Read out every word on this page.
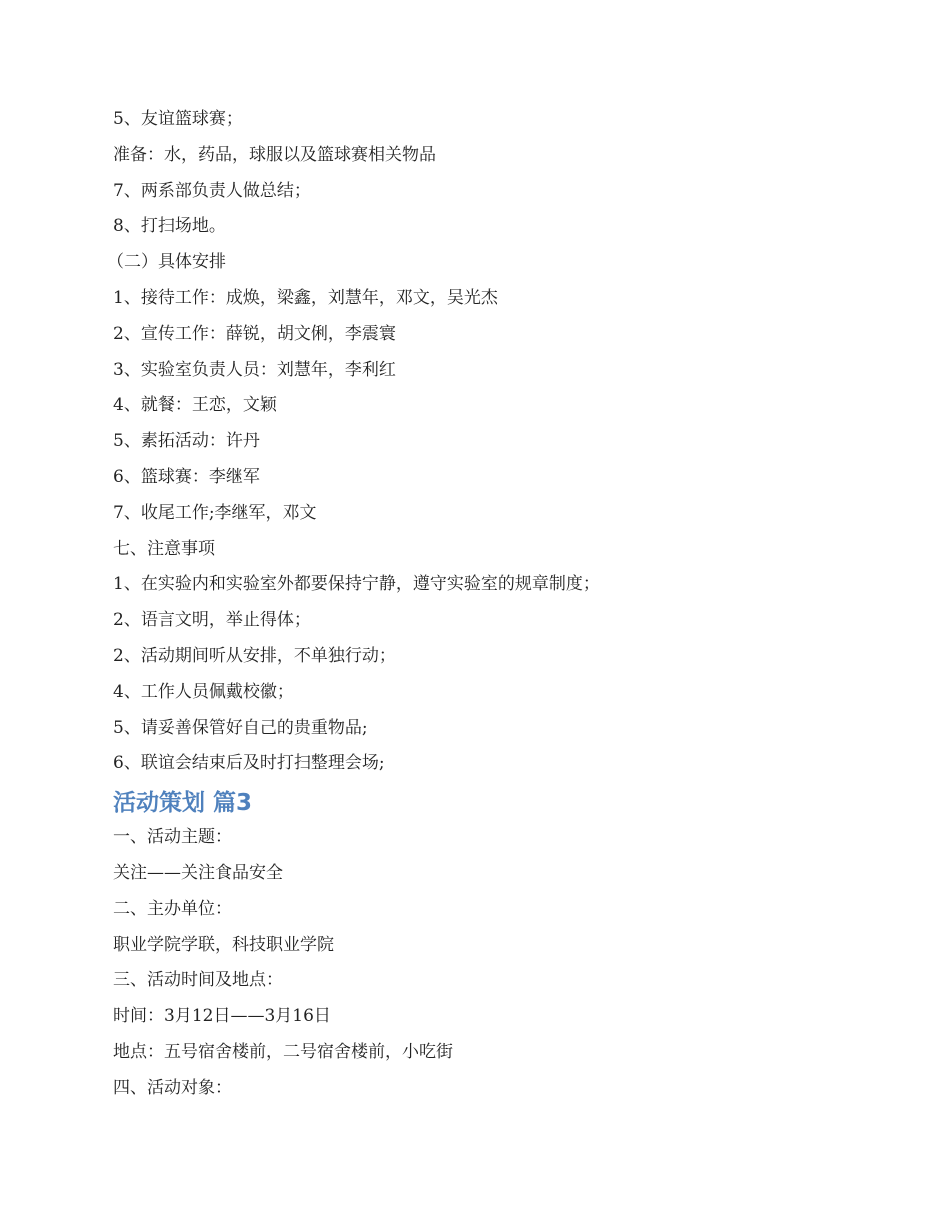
5、友谊篮球赛；
准备：水，药品，球服以及篮球赛相关物品
7、两系部负责人做总结；
8、打扫场地。
（二）具体安排
1、接待工作：成焕，梁鑫，刘慧年，邓文，吴光杰
2、宣传工作：薛锐，胡文俐，李震寰
3、实验室负责人员：刘慧年，李利红
4、就餐：王恋，文颖
5、素拓活动：许丹
6、篮球赛：李继军
7、收尾工作;李继军，邓文
七、注意事项
1、在实验内和实验室外都要保持宁静，遵守实验室的规章制度；
2、语言文明，举止得体；
2、活动期间听从安排，不单独行动；
4、工作人员佩戴校徽；
5、请妥善保管好自己的贵重物品;
6、联谊会结束后及时打扫整理会场;
活动策划 篇3
一、活动主题：
关注——关注食品安全
二、主办单位：
职业学院学联，科技职业学院
三、活动时间及地点：
时间：3月12日——3月16日
地点：五号宿舍楼前，二号宿舍楼前，小吃街
四、活动对象：
